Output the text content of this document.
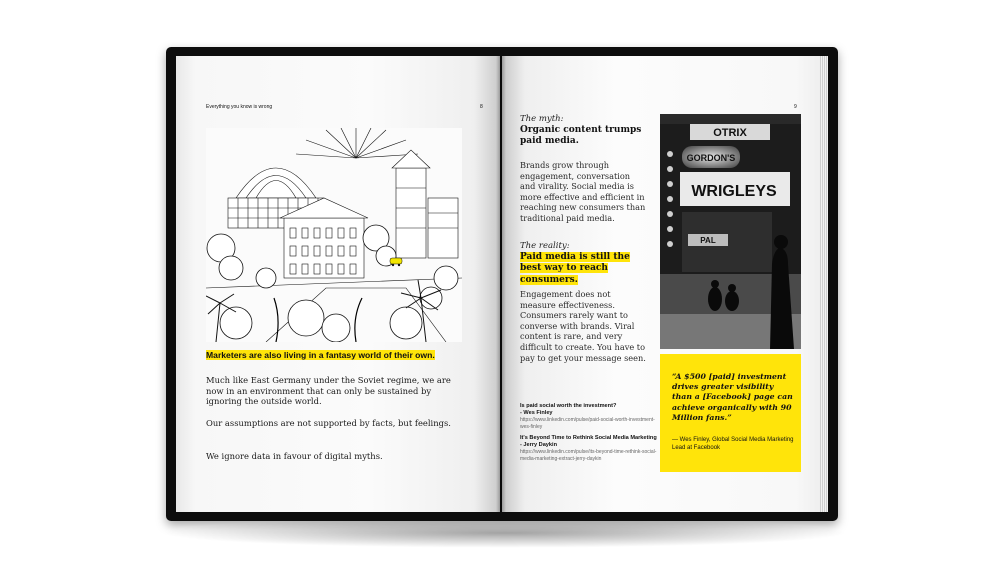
Everything you know is wrong	8
Marketers are also living in a fantasy world of their own.

Much like East Germany under the Soviet regime, we are now in an environment that can only be sustained by ignoring the outside world.

Our assumptions are not supported by facts, but feelings.

We ignore data in favour of digital myths.

9
The myth:
Organic content trumps paid media.

Brands grow through engagement, conversation and virality. Social media is more effective and efficient in reaching new consumers than traditional paid media.

The reality:
Paid media is still the best way to reach consumers.

Engagement does not measure effectiveness. Consumers rarely want to converse with brands. Viral content is rare, and very difficult to create. You have to pay to get your message seen.

Is paid social worth the investment?
- Wes Finley

https://www.linkedin.com/pulse/paid-social-worth-investment-wes-finley

It's Beyond Time to Rethink Social Media Marketing - Jerry Daykin

https://www.linkedin.com/pulse/its-beyond-time-rethink-social-media-marketing-extract-jerry-daykin

OTRIX
GORDON'S
WRIGLEYS
PAL

“A $500 [paid] investment drives greater visibility than a [Facebook] page can achieve organically with 90 Million fans.”

— Wes Finley, Global Social Media Marketing Lead at Facebook
